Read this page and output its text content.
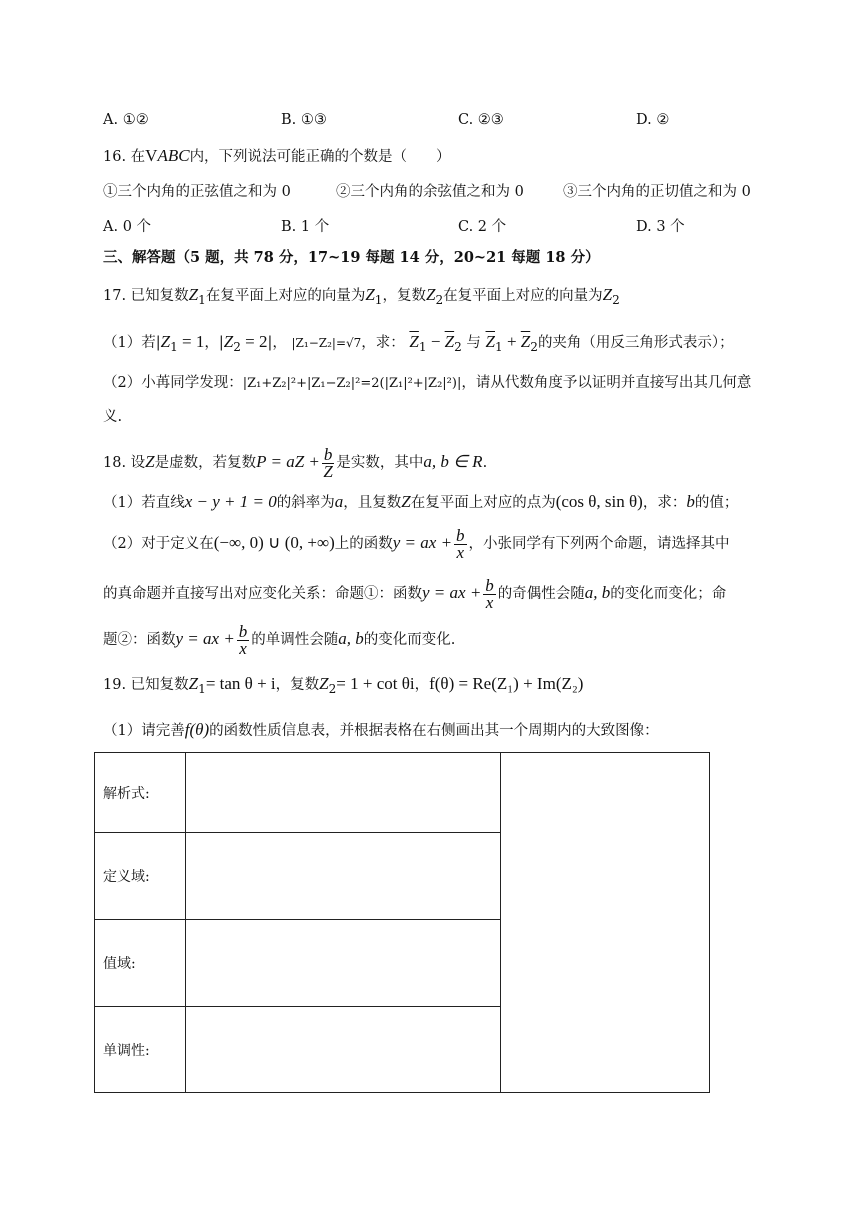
A. ①②	B. ①③	C. ②③	D. ②
16. 在VABC内，下列说法可能正确的个数是（　　）
①三个内角的正弦值之和为 0	②三个内角的余弦值之和为 0	③三个内角的正切值之和为 0
A. 0 个	B. 1 个	C. 2 个	D. 3 个
三、解答题（5 题，共 78 分，17~19 每题 14 分，20~21 每题 18 分）
17. 已知复数$Z_1$在复平面上对应的向量为$Z_1$，复数$Z_2$在复平面上对应的向量为$Z_2$
（1）若$|Z_1 = 1$，$|Z_2 = 2|$， |Z₁−Z₂|=√7，求： $\overline{Z}_1 - \overline{Z}_2$ 与 $\overline{Z}_1 + \overline{Z}_2$的夹角（用反三角形式表示）；
（2）小苒同学发现：|Z₁+Z₂|²+|Z₁−Z₂|²=2(|Z₁|²+|Z₂|²)|，请从代数角度予以证明并直接写出其几何意
义.
18. 设Z是虚数，若复数P = aZ + $\frac{b}{Z}$ 是实数，其中a, b ∈ R.
（1）若直线x − y + 1 = 0的斜率为a，且复数Z在复平面上对应的点为(cos θ, sin θ)，求：b的值；
（2）对于定义在(−∞, 0) ∪ (0, +∞)上的函数y = ax + $\frac{b}{x}$ ，小张同学有下列两个命题，请选择其中
的真命题并直接写出对应变化关系：命题①：函数y = ax + $\frac{b}{x}$ 的奇偶性会随a, b的变化而变化；命
题②：函数y = ax + $\frac{b}{x}$ 的单调性会随a, b的变化而变化.
19. 已知复数$Z_1= \tan \theta + i$，复数$Z_2= 1 + \cot \theta i$，f(θ) = Re(Z₁) + Im(Z₂)
（1）请完善f(θ)的函数性质信息表，并根据表格在右侧画出其一个周期内的大致图像：
解析式:		
定义域:		
值域:		
单调性:		
